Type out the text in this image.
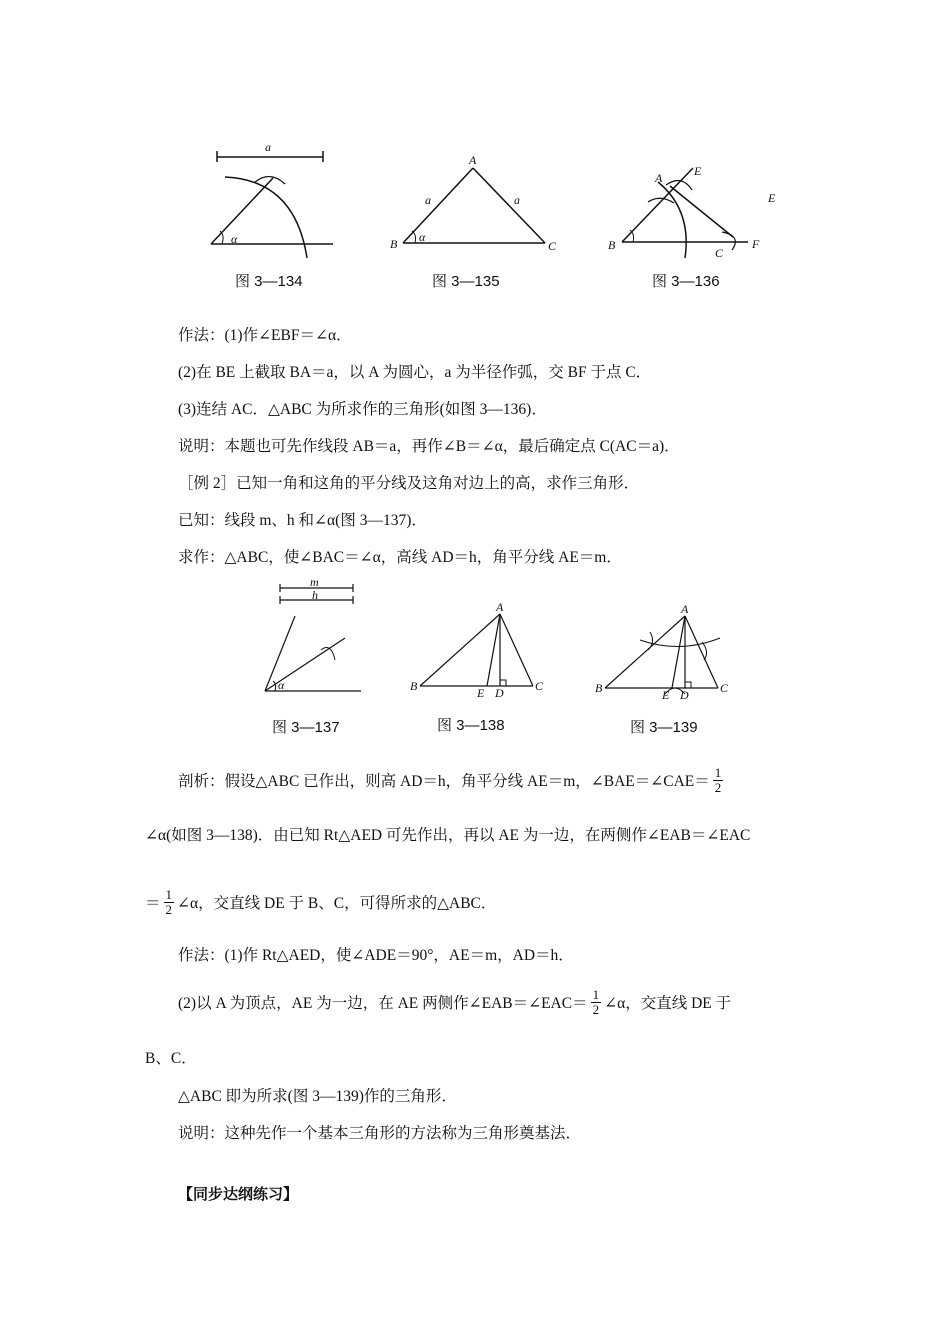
a
α
图 3—134
A
B	C
a	a
α
图 3—135
A	E
B
C
F
E
图 3—136
作法：(1)作∠EBF＝∠α．
(2)在 BE 上截取 BA＝a，以 A 为圆心，a 为半径作弧，交 BF 于点 C．
(3)连结 AC．△ABC 为所求作的三角形(如图 3—136)．
说明：本题也可先作线段 AB＝a，再作∠B＝∠α，最后确定点 C(AC＝a)．
［例 2］已知一角和这角的平分线及这角对边上的高，求作三角形．
已知：线段 m、h 和∠α(图 3—137)．
求作：△ABC，使∠BAC＝∠α，高线 AD＝h，角平分线 AE＝m．
m
h
α
图 3—137
A
B	C
D
E
图 3—138
A
B	C
D
E
图 3—139
剖析：假设△ABC 已作出，则高 AD＝h，角平分线 AE＝m，∠BAE＝∠CAE＝ $\frac{1}{2}$
∠α(如图 3—138)．由已知 Rt△AED 可先作出，再以 AE 为一边，在两侧作∠EAB＝∠EAC
＝ $\frac{1}{2}$ ∠α，交直线 DE 于 B、C，可得所求的△ABC．
作法：(1)作 Rt△AED，使∠ADE＝90°，AE＝m，AD＝h．
(2)以 A 为顶点，AE 为一边，在 AE 两侧作∠EAB＝∠EAC＝ $\frac{1}{2}$ ∠α，交直线 DE 于
B、C．
△ABC 即为所求(图 3—139)作的三角形．
说明：这种先作一个基本三角形的方法称为三角形奠基法．
【同步达纲练习】
